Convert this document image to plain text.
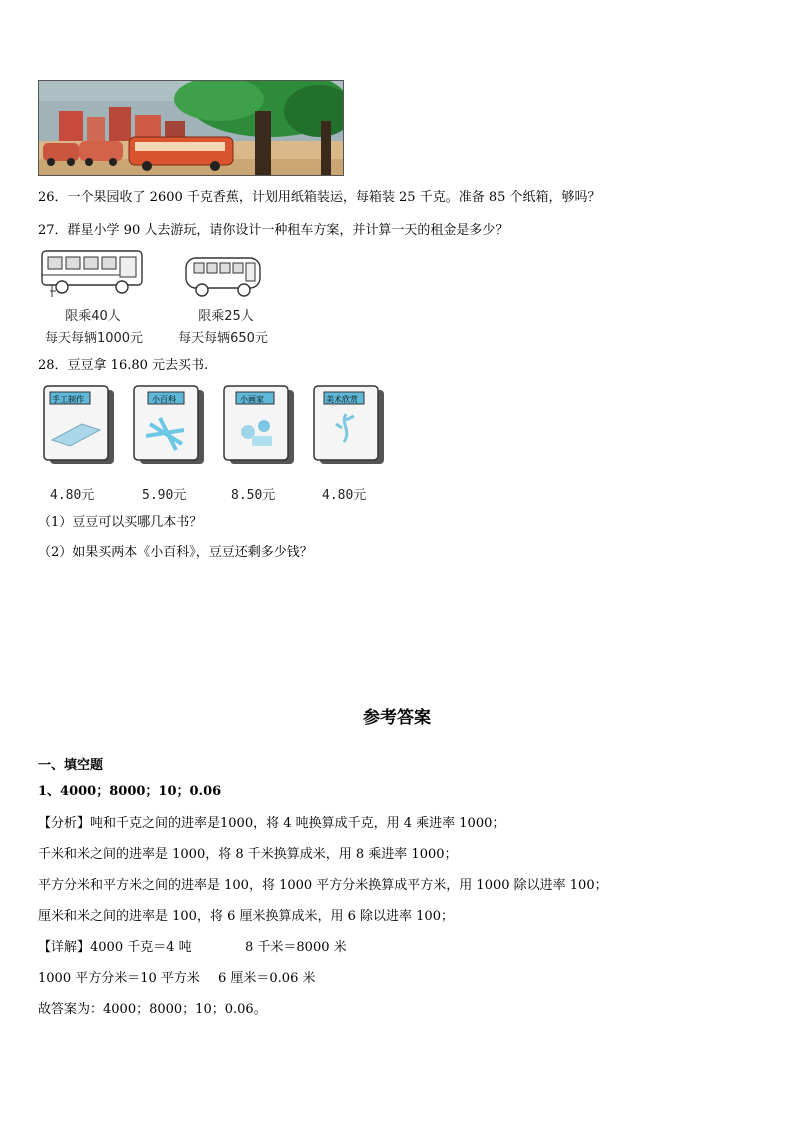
26．一个果园收了 2600 千克香蕉，计划用纸箱装运，每箱装 25 千克。准备 85 个纸箱，够吗？
27．群星小学 90 人去游玩，请你设计一种租车方案，并计算一天的租金是多少？
限乘40人
每天每辆1000元
限乘25人
每天每辆650元
28．豆豆拿 16.80 元去买书.
手工制作	小百科	小画家	美术欣赏
4.80元	5.90元	8.50元	4.80元
（1）豆豆可以买哪几本书？
（2）如果买两本《小百科》，豆豆还剩多少钱？
参考答案
一、填空题
1、4000；8000；10；0.06
【分析】吨和千克之间的进率是1000，将 4 吨换算成千克，用 4 乘进率 1000；
千米和米之间的进率是 1000，将 8 千米换算成米，用 8 乘进率 1000；
平方分米和平方米之间的进率是 100，将 1000 平方分米换算成平方米，用 1000 除以进率 100；
厘米和米之间的进率是 100，将 6 厘米换算成米，用 6 除以进率 100；
【详解】4000 千克＝4 吨	8 千米＝8000 米
1000 平方分米＝10 平方米 6 厘米＝0.06 米
故答案为：4000；8000；10；0.06。
